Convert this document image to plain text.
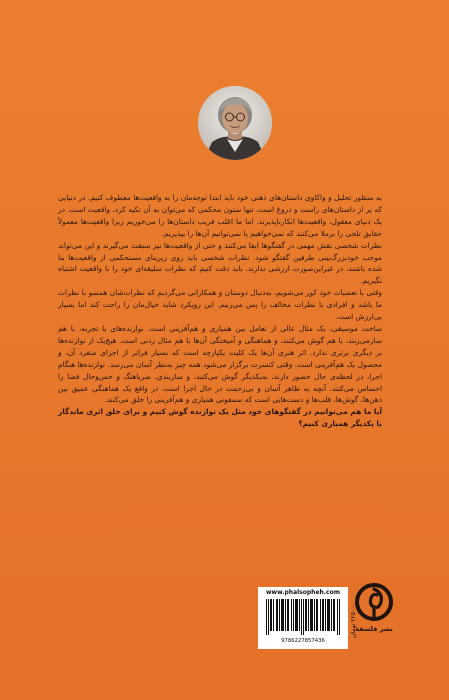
به منظور تحلیل و واکاوی داستان‌های ذهنی خود باید ابتدا توجه‌مان را به واقعیت‌ها معطوف کنیم. در دنیایی که پر از داستان‌های راست و دروغ است، تنها ستون محکمی که می‌توان به آن تکیه کرد، واقعیت است. در یک دنیای معقول، واقعیت‌ها انکارناپذیرند. اما ما اغلب فریب داستان‌ها را می‌خوریم زیرا واقعیت‌ها معمولاً حقایق تلخی را برملا می‌کنند که نمی‌خواهیم یا نمی‌توانیم آن‌ها را بپذیریم.

نظرات شخصی ‌نقش مهمی در گفتگوها ایفا می‌کنند و حتی از واقعیت‌ها نیز سبقت می‌گیرند و این می‌تواند موجب خودبزرگ‌بینی طرفین گفتگو شود. نظرات شخصی باید روی زیربنای مستحکمی از واقعیت‌ها بنا شده باشند، در غیراین‌صورت ارزشی ندارند. باید دقت کنیم که نظرات سلیقه‌ای خود را با واقعیت اشتباه نگیریم.

وقتی با تعصبات خود کور می‌شویم، به‌دنبال دوستان و همکارانی می‌گردیم که نظرات‌شان همسو با نظرات ما باشد و افرادی با نظرات مخالف را پس می‌زنیم. این رویکرد شاید خیال‌مان را راحت کند اما بسیار بی‌ارزش است.

ساخت موسیقی، یک مثال عالی از تعامل بین همیاری و هم‌آفرینی است. نوازنده‌های با تجربه، با هم سازمی‌زنند، با هم گوش می‌کنند، و هماهنگی و آمیختگی آن‌ها با هم مثال زدنی است. هیچ‌یک از نوازنده‌ها بر دیگری برتری ندارد. اثر هنری آن‌ها یک کلیت یکپارچه است که بسیار فراتر از اجزای منفرد آن، و محصول یک هم‌آفرینی است. وقتی کنسرت برگزار می‌شود همه چیز به‌نظر آسان می‌رسد. نوازنده‌ها هنگام اجرا، در لحظه‌ی حال حضور دارند، به‌یکدیگر گوش می‌کنند، و سازبندی، ضرباهنگ و حس‌وحال فضا را احساس می‌کنند. آنچه به ظاهر آسان و بی‌زحمت در حال اجرا است، در واقع یک هماهنگی عمیق بین ذهن‌ها، گوش‌ها، قلب‌ها و دست‌هایی است که سمفونی همیاری و هم‌آفرینی را خلق می‌کنند.

آیا ما هم می‌توانیم در گفتگوهای خود مثل یک نوازنده گوش کنیم و برای خلق اثری ماندگار با یکدیگر همیاری کنیم؟

www.phalsopheh.com
9786227857436
۲۲۵۰۰۰ تومان
نشر فلسفه
